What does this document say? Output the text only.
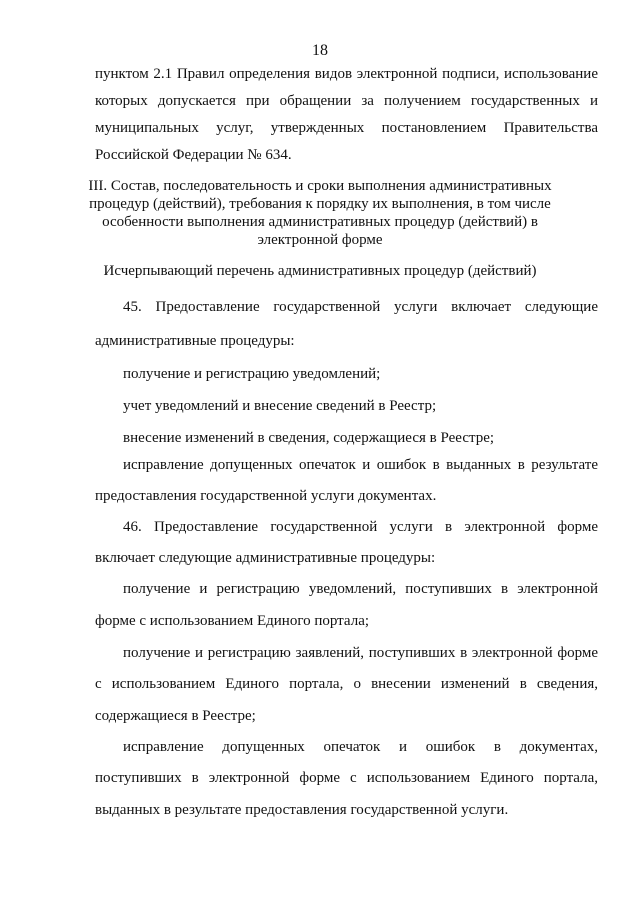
18
пунктом 2.1 Правил определения видов электронной подписи, использование
которых допускается при обращении за получением государственных и
муниципальных услуг, утвержденных постановлением Правительства
Российской Федерации № 634.
III. Состав, последовательность и сроки выполнения административных
процедур (действий), требования к порядку их выполнения, в том числе
особенности выполнения административных процедур (действий) в
электронной форме
Исчерпывающий перечень административных процедур (действий)
45. Предоставление государственной услуги включает следующие
административные процедуры:
получение и регистрацию уведомлений;
учет уведомлений и внесение сведений в Реестр;
внесение изменений в сведения, содержащиеся в Реестре;
исправление допущенных опечаток и ошибок в выданных в результате
предоставления государственной услуги документах.
46. Предоставление государственной услуги в электронной форме
включает следующие административные процедуры:
получение и регистрацию уведомлений, поступивших в электронной
форме с использованием Единого портала;
получение и регистрацию заявлений, поступивших в электронной форме
с использованием Единого портала, о внесении изменений в сведения,
содержащиеся в Реестре;
исправление допущенных опечаток и ошибок в документах,
поступивших в электронной форме с использованием Единого портала,
выданных в результате предоставления государственной услуги.
